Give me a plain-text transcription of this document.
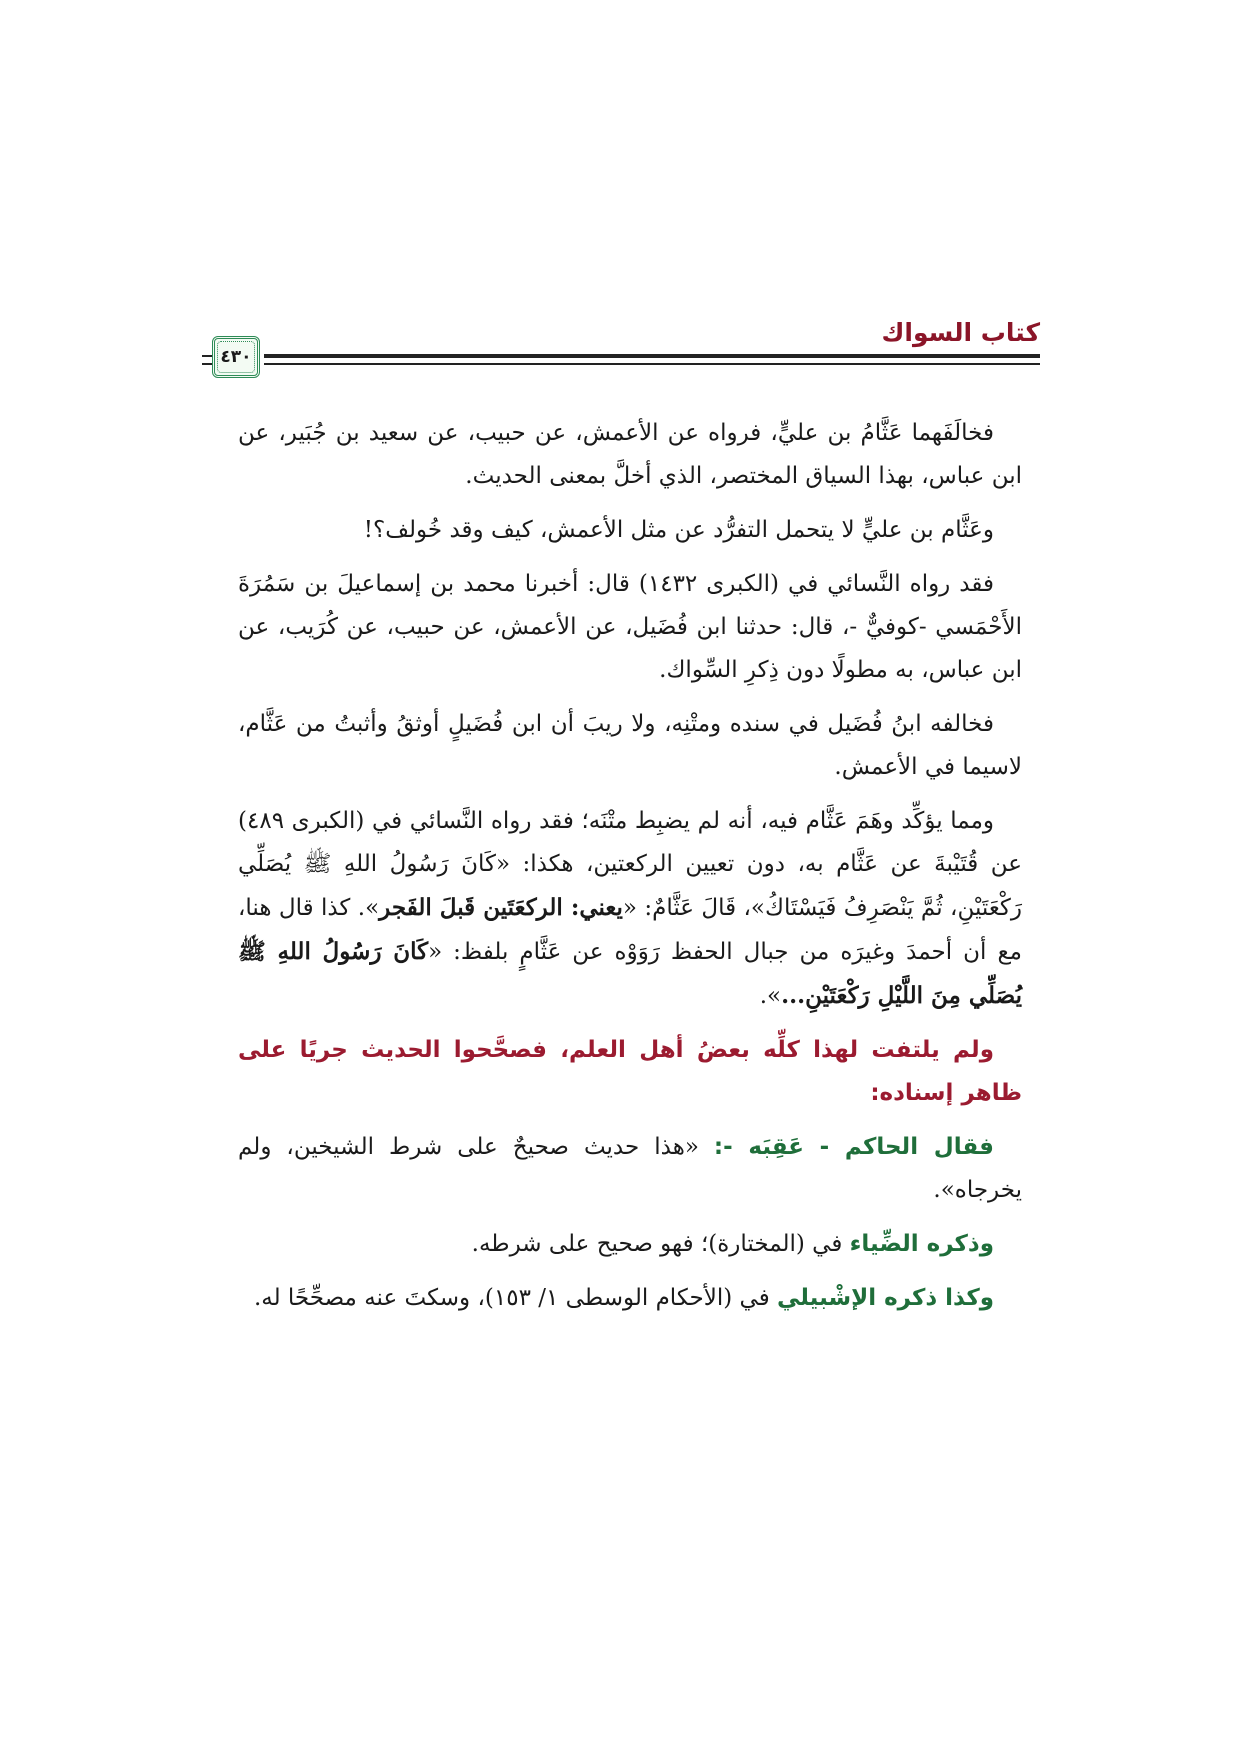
كتاب السواك
٤٣٠

فخالَفَهما عَثَّامُ بن عليٍّ، فرواه عن الأعمش، عن حبيب، عن سعيد بن جُبَير، عن ابن عباس، بهذا السياق المختصر، الذي أخلَّ بمعنى الحديث.

وعَثَّام بن عليٍّ لا يتحمل التفرُّد عن مثل الأعمش، كيف وقد خُولف؟!

فقد رواه النَّسائي في (الكبرى ١٤٣٢) قال: أخبرنا محمد بن إسماعيلَ بن سَمُرَةَ الأَحْمَسي -كوفيٌّ -، قال: حدثنا ابن فُضَيل، عن الأعمش، عن حبيب، عن كُرَيب، عن ابن عباس، به مطولًا دون ذِكرِ السِّواك.

فخالفه ابنُ فُضَيل في سنده ومتْنِه، ولا ريبَ أن ابن فُضَيلٍ أوثقُ وأثبتُ من عَثَّام، لاسيما في الأعمش.

ومما يؤكِّد وهَمَ عَثَّام فيه، أنه لم يضبِط متْنَه؛ فقد رواه النَّسائي في (الكبرى ٤٨٩) عن قُتَيْبةَ عن عَثَّام به، دون تعيين الركعتين، هكذا: «كَانَ رَسُولُ اللهِ ﷺ يُصَلِّي رَكْعَتَيْنِ، ثُمَّ يَنْصَرِفُ فَيَسْتَاكُ»، قَالَ عَثَّامٌ: «يعني: الركعَتَين قَبلَ الفَجر». كذا قال هنا، مع أن أحمدَ وغيرَه من جبال الحفظ رَوَوْه عن عَثَّامٍ بلفظ: «كَانَ رَسُولُ اللهِ ﷺ يُصَلِّي مِنَ اللَّيْلِ رَكْعَتَيْنِ...».

ولم يلتفت لهذا كلِّه بعضُ أهل العلم، فصحَّحوا الحديث جريًا على ظاهر إسناده:

فقال الحاكم - عَقِبَه -: «هذا حديث صحيحٌ على شرط الشيخين، ولم يخرجاه».

وذكره الضِّياء في (المختارة)؛ فهو صحيح على شرطه.

وكذا ذكره الإشْبيلي في (الأحكام الوسطى ١/ ١٥٣)، وسكتَ عنه مصحِّحًا له.
